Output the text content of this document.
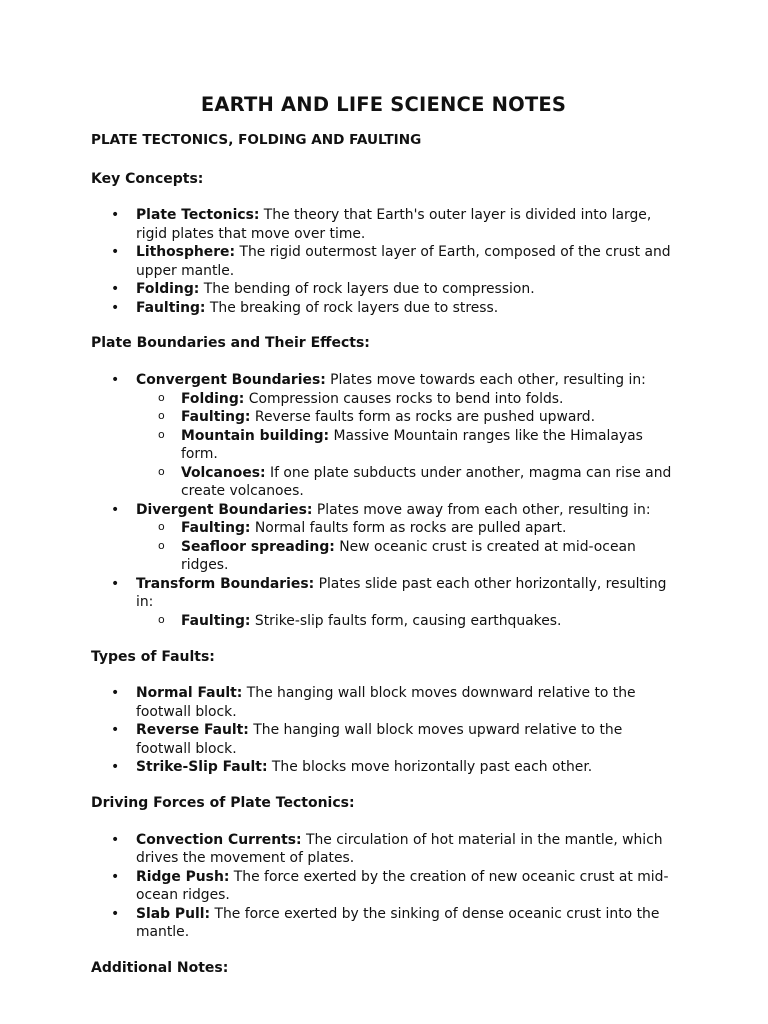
EARTH AND LIFE SCIENCE NOTES
PLATE TECTONICS, FOLDING AND FAULTING
Key Concepts:
• Plate Tectonics: The theory that Earth's outer layer is divided into large, rigid plates that move over time.
• Lithosphere: The rigid outermost layer of Earth, composed of the crust and upper mantle.
• Folding: The bending of rock layers due to compression.
• Faulting: The breaking of rock layers due to stress.
Plate Boundaries and Their Effects:
• Convergent Boundaries: Plates move towards each other, resulting in:
o Folding: Compression causes rocks to bend into folds.
o Faulting: Reverse faults form as rocks are pushed upward.
o Mountain building: Massive Mountain ranges like the Himalayas form.
o Volcanoes: If one plate subducts under another, magma can rise and create volcanoes.
• Divergent Boundaries: Plates move away from each other, resulting in:
o Faulting: Normal faults form as rocks are pulled apart.
o Seafloor spreading: New oceanic crust is created at mid-ocean ridges.
• Transform Boundaries: Plates slide past each other horizontally, resulting in:
o Faulting: Strike-slip faults form, causing earthquakes.
Types of Faults:
• Normal Fault: The hanging wall block moves downward relative to the footwall block.
• Reverse Fault: The hanging wall block moves upward relative to the footwall block.
• Strike-Slip Fault: The blocks move horizontally past each other.
Driving Forces of Plate Tectonics:
• Convection Currents: The circulation of hot material in the mantle, which drives the movement of plates.
• Ridge Push: The force exerted by the creation of new oceanic crust at mid-ocean ridges.
• Slab Pull: The force exerted by the sinking of dense oceanic crust into the mantle.
Additional Notes:
